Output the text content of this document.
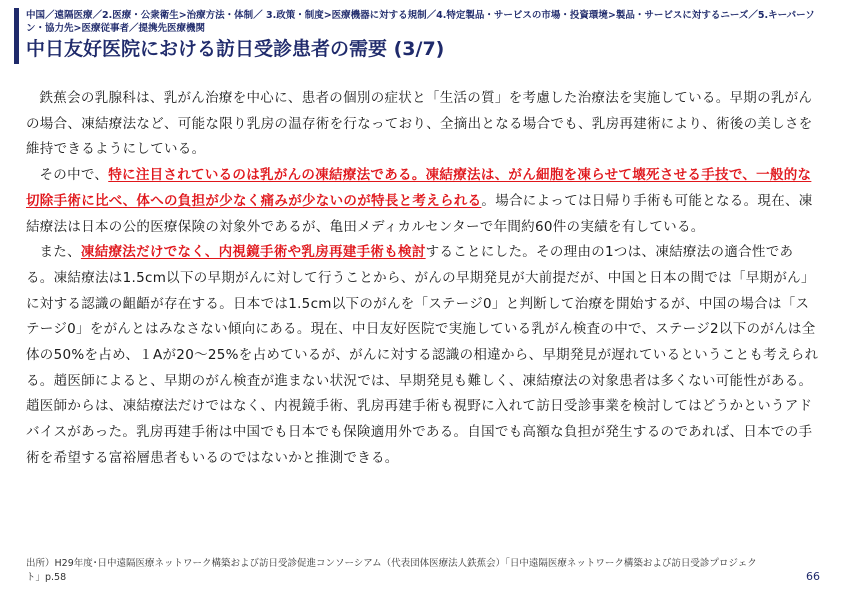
中国／遠隔医療／2.医療・公衆衛生>治療方法・体制／ 3.政策・制度>医療機器に対する規制／4.特定製品・サービスの市場・投資環境>製品・サービスに対するニーズ／5.キーパーソン・協力先>医療従事者／提携先医療機関
中日友好医院における訪日受診患者の需要 (3/7)

鉄蕉会の乳腺科は、乳がん治療を中心に、患者の個別の症状と「生活の質」を考慮した治療法を実施している。早期の乳がんの場合、凍結療法など、可能な限り乳房の温存術を行なっており、全摘出となる場合でも、乳房再建術により、術後の美しさを維持できるようにしている。

その中で、特に注目されているのは乳がんの凍結療法である。凍結療法は、がん細胞を凍らせて壊死させる手技で、一般的な切除手術に比べ、体への負担が少なく痛みが少ないのが特長と考えられる。場合によっては日帰り手術も可能となる。現在、凍結療法は日本の公的医療保険の対象外であるが、亀田メディカルセンターで年間約60件の実績を有している。

また、凍結療法だけでなく、内視鏡手術や乳房再建手術も検討することにした。その理由の1つは、凍結療法の適合性である。凍結療法は1.5cm以下の早期がんに対して行うことから、がんの早期発見が大前提だが、中国と日本の間では「早期がん」に対する認識の齟齬が存在する。日本では1.5cm以下のがんを「ステージ0」と判断して治療を開始するが、中国の場合は「ステージ0」をがんとはみなさない傾向にある。現在、中日友好医院で実施している乳がん検査の中で、ステージ2以下のがんは全体の50%を占め、１Aが20～25%を占めているが、がんに対する認識の相違から、早期発見が遅れているということも考えられる。趙医師によると、早期のがん検査が進まない状況では、早期発見も難しく、凍結療法の対象患者は多くない可能性がある。趙医師からは、凍結療法だけではなく、内視鏡手術、乳房再建手術も視野に入れて訪日受診事業を検討してはどうかというアドバイスがあった。乳房再建手術は中国でも日本でも保険適用外である。自国でも高額な負担が発生するのであれば、日本での手術を希望する富裕層患者もいるのではないかと推測できる。

出所）H29年度･日中遠隔医療ネットワーク構築および訪日受診促進コンソーシアム（代表団体医療法人鉄蕉会）「日中遠隔医療ネットワーク構築および訪日受診プロジェクト」p.58	66
